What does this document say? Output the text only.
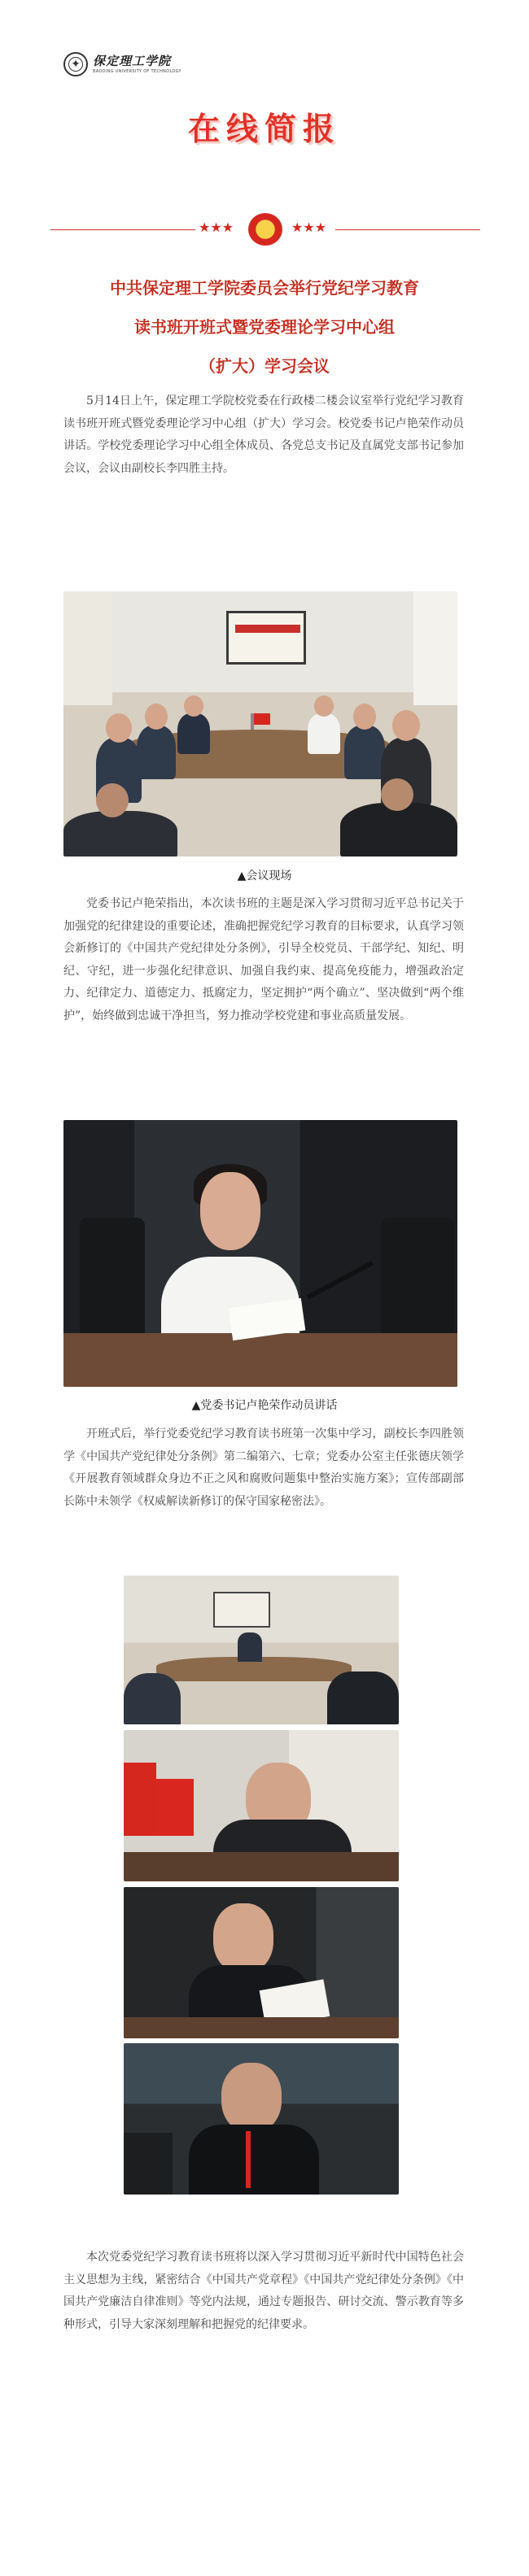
✦	保定理工学院
BAODING UNIVERSITY OF TECHNOLOGY
在线简报
★★★	☭	★★★
中共保定理工学院委员会举行党纪学习教育
读书班开班式暨党委理论学习中心组
（扩大）学习会议

5月14日上午，保定理工学院校党委在行政楼二楼会议室举行党纪学习教育读书班开班式暨党委理论学习中心组（扩大）学习会。校党委书记卢艳荣作动员讲话。学校党委理论学习中心组全体成员、各党总支书记及直属党支部书记参加会议，会议由副校长李四胜主持。

▲会议现场

党委书记卢艳荣指出，本次读书班的主题是深入学习贯彻习近平总书记关于加强党的纪律建设的重要论述，准确把握党纪学习教育的目标要求，认真学习领会新修订的《中国共产党纪律处分条例》，引导全校党员、干部学纪、知纪、明纪、守纪，进一步强化纪律意识、加强自我约束、提高免疫能力，增强政治定力、纪律定力、道德定力、抵腐定力，坚定拥护“两个确立”、坚决做到“两个维护”，始终做到忠诚干净担当，努力推动学校党建和事业高质量发展。

▲党委书记卢艳荣作动员讲话

开班式后，举行党委党纪学习教育读书班第一次集中学习，副校长李四胜领学《中国共产党纪律处分条例》第二编第六、七章；党委办公室主任张德庆领学《开展教育领域群众身边不正之风和腐败问题集中整治实施方案》；宣传部副部长陈中未领学《权威解读新修订的保守国家秘密法》。

本次党委党纪学习教育读书班将以深入学习贯彻习近平新时代中国特色社会主义思想为主线，紧密结合《中国共产党章程》《中国共产党纪律处分条例》《中国共产党廉洁自律准则》等党内法规，通过专题报告、研讨交流、警示教育等多种形式，引导大家深刻理解和把握党的纪律要求。
